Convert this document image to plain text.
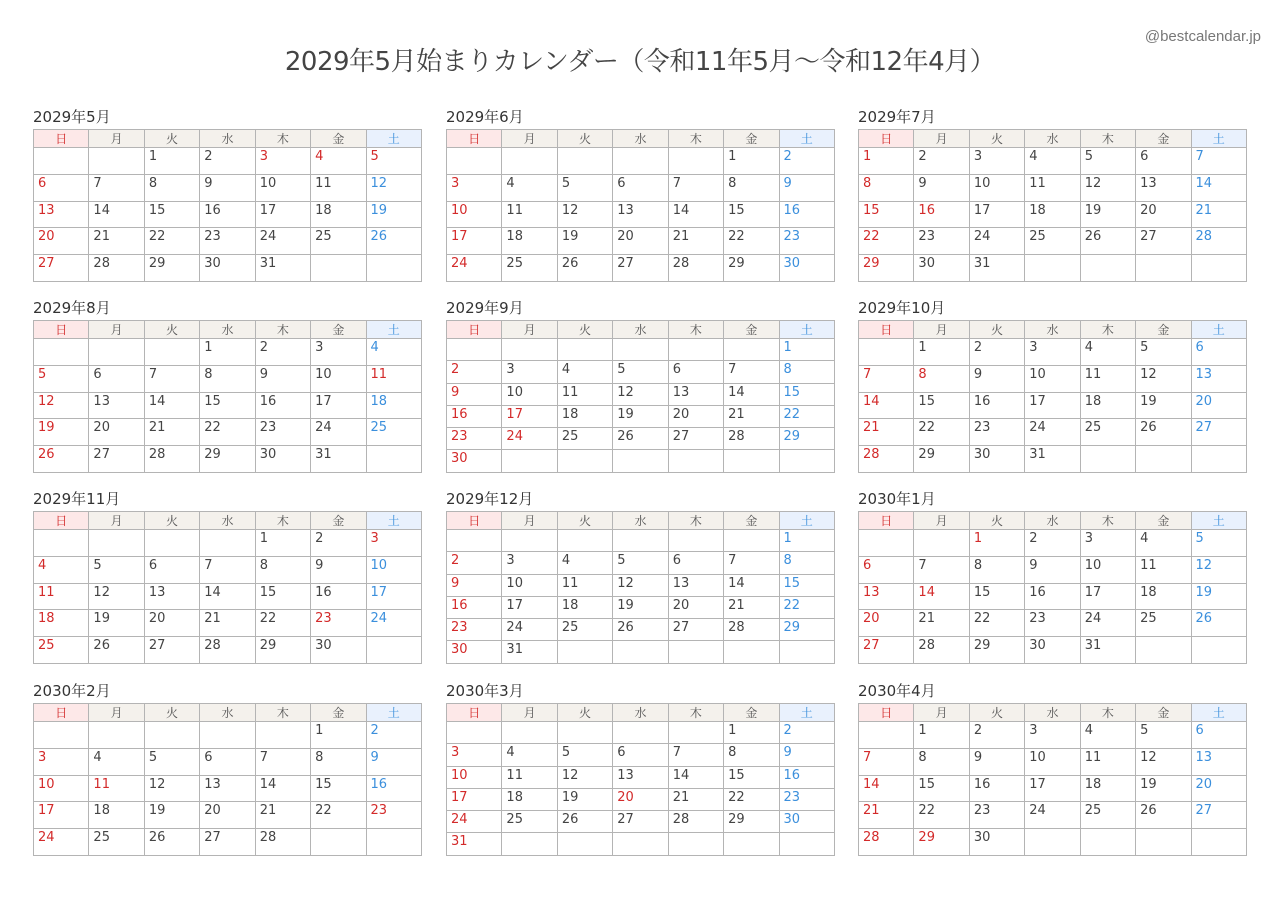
2029年5月始まりカレンダー（令和11年5月～令和12年4月）
@bestcalendar.jp
2029年5月
日	月	火	水	木	金	土
		1	2	3	4	5
6	7	8	9	10	11	12
13	14	15	16	17	18	19
20	21	22	23	24	25	26
27	28	29	30	31		
2029年6月
日	月	火	水	木	金	土
					1	2
3	4	5	6	7	8	9
10	11	12	13	14	15	16
17	18	19	20	21	22	23
24	25	26	27	28	29	30
2029年7月
日	月	火	水	木	金	土
1	2	3	4	5	6	7
8	9	10	11	12	13	14
15	16	17	18	19	20	21
22	23	24	25	26	27	28
29	30	31				
2029年8月
日	月	火	水	木	金	土
			1	2	3	4
5	6	7	8	9	10	11
12	13	14	15	16	17	18
19	20	21	22	23	24	25
26	27	28	29	30	31	
2029年9月
日	月	火	水	木	金	土
						1
2	3	4	5	6	7	8
9	10	11	12	13	14	15
16	17	18	19	20	21	22
23	24	25	26	27	28	29
30						
2029年10月
日	月	火	水	木	金	土
	1	2	3	4	5	6
7	8	9	10	11	12	13
14	15	16	17	18	19	20
21	22	23	24	25	26	27
28	29	30	31			
2029年11月
日	月	火	水	木	金	土
				1	2	3
4	5	6	7	8	9	10
11	12	13	14	15	16	17
18	19	20	21	22	23	24
25	26	27	28	29	30	
2029年12月
日	月	火	水	木	金	土
						1
2	3	4	5	6	7	8
9	10	11	12	13	14	15
16	17	18	19	20	21	22
23	24	25	26	27	28	29
30	31					
2030年1月
日	月	火	水	木	金	土
		1	2	3	4	5
6	7	8	9	10	11	12
13	14	15	16	17	18	19
20	21	22	23	24	25	26
27	28	29	30	31		
2030年2月
日	月	火	水	木	金	土
					1	2
3	4	5	6	7	8	9
10	11	12	13	14	15	16
17	18	19	20	21	22	23
24	25	26	27	28		
2030年3月
日	月	火	水	木	金	土
					1	2
3	4	5	6	7	8	9
10	11	12	13	14	15	16
17	18	19	20	21	22	23
24	25	26	27	28	29	30
31						
2030年4月
日	月	火	水	木	金	土
	1	2	3	4	5	6
7	8	9	10	11	12	13
14	15	16	17	18	19	20
21	22	23	24	25	26	27
28	29	30				
